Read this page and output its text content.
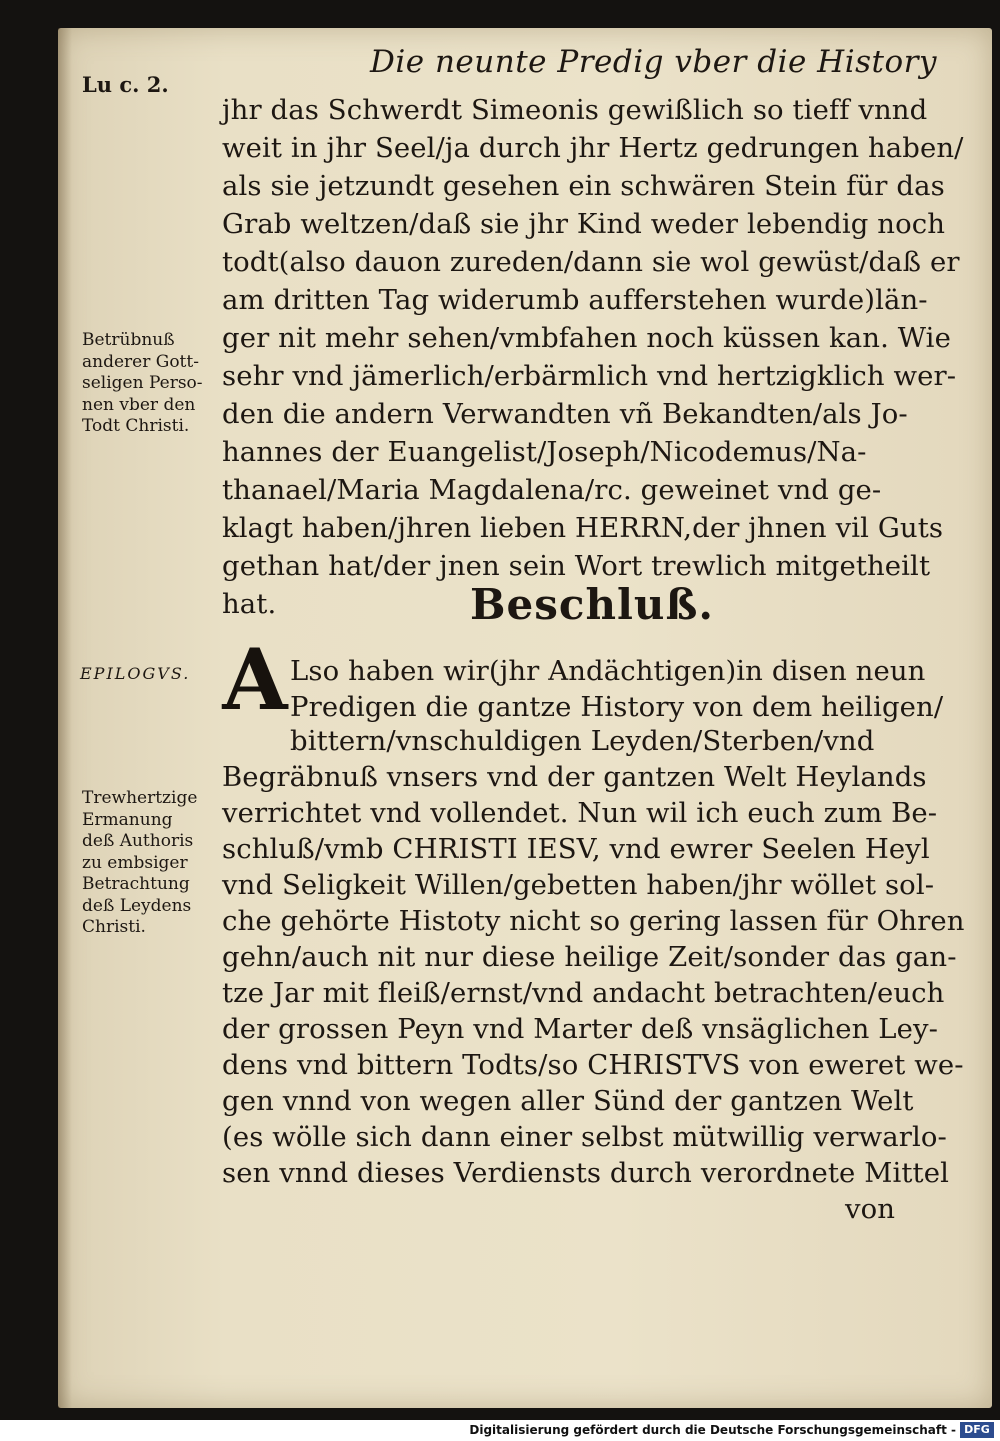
Die neunte Predig vber die History
Lu c. 2.
jhr das Schwerdt Simeonis gewißlich so tieff vnnd
weit in jhr Seel/ja durch jhr Hertz gedrungen haben/
als sie jetzundt gesehen ein schwären Stein für das
Grab weltzen/daß sie jhr Kind weder lebendig noch
todt(also dauon zureden/dann sie wol gewüst/daß er
am dritten Tag widerumb aufferstehen wurde)län-
ger nit mehr sehen/vmbfahen noch küssen kan. Wie
sehr vnd jämerlich/erbärmlich vnd hertzigklich wer-
den die andern Verwandten vñ Bekandten/als Jo-
hannes der Euangelist/Joseph/Nicodemus/Na-
thanael/Maria Magdalena/rc. geweinet vnd ge-
klagt haben/jhren lieben HERRN,der jhnen vil Guts
gethan hat/der jnen sein Wort trewlich mitgetheilt
hat.
Betrübnuß
anderer Gott-
seligen Perso-
nen vber den
Todt Christi.
Beschluß.
EPILOGVS. A Lso haben wir(jhr Andächtigen)in disen neun
Predigen die gantze History von dem heiligen/
bittern/vnschuldigen Leyden/Sterben/vnd
Begräbnuß vnsers vnd der gantzen Welt Heylands
verrichtet vnd vollendet. Nun wil ich euch zum Be-
schluß/vmb CHRISTI IESV, vnd ewrer Seelen Heyl
vnd Seligkeit Willen/gebetten haben/jhr wöllet sol-
che gehörte Histoty nicht so gering lassen für Ohren
gehn/auch nit nur diese heilige Zeit/sonder das gan-
tze Jar mit fleiß/ernst/vnd andacht betrachten/euch
der grossen Peyn vnd Marter deß vnsäglichen Ley-
dens vnd bittern Todts/so CHRISTVS von eweret we-
gen vnnd von wegen aller Sünd der gantzen Welt
(es wölle sich dann einer selbst mütwillig verwarlo-
sen vnnd dieses Verdiensts durch verordnete Mittel
von
Trewhertzige
Ermanung
deß Authoris
zu embsiger
Betrachtung
deß Leydens
Christi.
Digitalisierung gefördert durch die Deutsche Forschungsgemeinschaft - DFG
